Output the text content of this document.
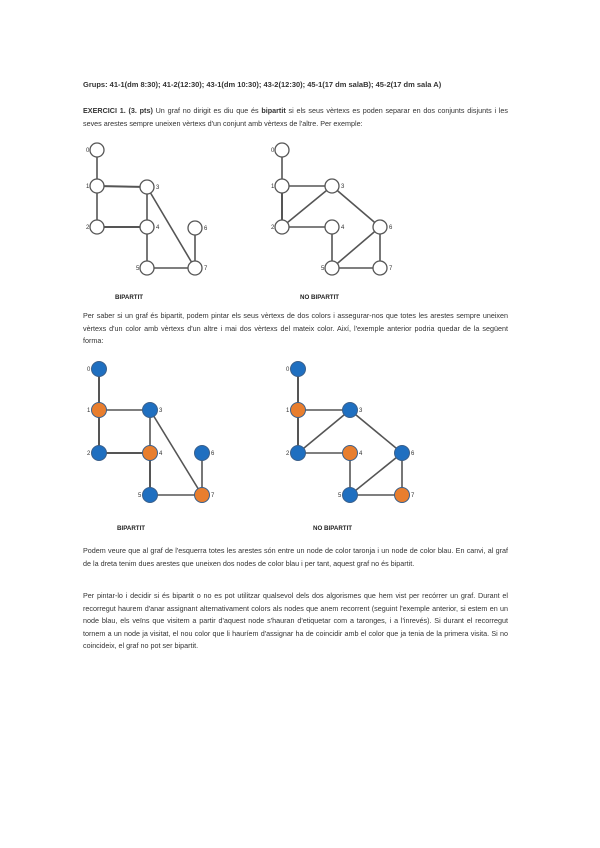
Grups: 41-1(dm 8:30); 41-2(12:30); 43-1(dm 10:30); 43-2(12:30); 45-1(17 dm salaB); 45-2(17 dm sala A)
EXERCICI 1. (3. pts) Un graf no dirigit es diu que és bipartit si els seus vèrtexs es poden separar en dos conjunts disjunts i les seves arestes sempre uneixen vèrtexs d'un conjunt amb vèrtexs de l'altre. Per exemple:
0
1	3
2	4	6
5	7
0
1	3
2	4	6
5	7
BIPARTIT	NO BIPARTIT
Per saber si un graf és bipartit, podem pintar els seus vèrtexs de dos colors i assegurar-nos que totes les arestes sempre uneixen vèrtexs d'un color amb vèrtexs d'un altre i mai dos vèrtexs del mateix color. Així, l'exemple anterior podria quedar de la següent forma:
0
1	3
2	4	6
5	7
0
1	3
2	4	6
5	7
BIPARTIT	NO BIPARTIT
Podem veure que al graf de l'esquerra totes les arestes són entre un node de color taronja i un node de color blau. En canvi, al graf de la dreta tenim dues arestes que uneixen dos nodes de color blau i per tant, aquest graf no és bipartit.
Per pintar-lo i decidir si és bipartit o no es pot utilitzar qualsevol dels dos algorismes que hem vist per recórrer un graf. Durant el recorregut haurem d'anar assignant alternativament colors als nodes que anem recorrent (seguint l'exemple anterior, si estem en un node blau, els veïns que visitem a partir d'aquest node s'hauran d'etiquetar com a taronges, i a l'inrevés). Si durant el recorregut tornem a un node ja visitat, el nou color que li hauríem d'assignar ha de coincidir amb el color que ja tenia de la primera visita. Si no coincideix, el graf no pot ser bipartit.
